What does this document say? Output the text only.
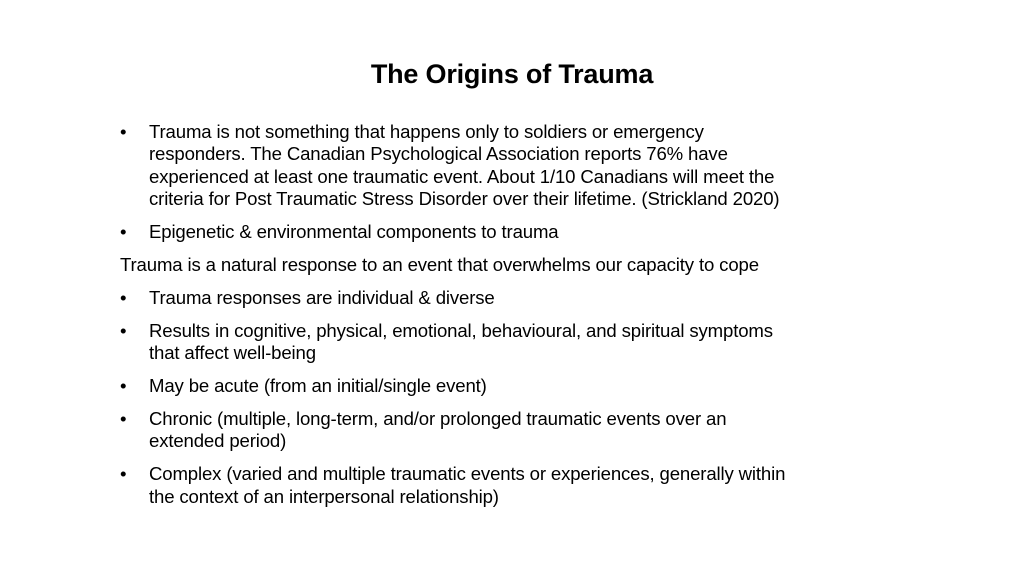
The Origins of Trauma
•	Trauma is not something that happens only to soldiers or emergency
responders. The Canadian Psychological Association reports 76% have
experienced at least one traumatic event. About 1/10 Canadians will meet the
criteria for Post Traumatic Stress Disorder over their lifetime. (Strickland 2020)
•	Epigenetic & environmental components to trauma
Trauma is a natural response to an event that overwhelms our capacity to cope
•	Trauma responses are individual & diverse
•	Results in cognitive, physical, emotional, behavioural, and spiritual symptoms
that affect well-being
•	May be acute (from an initial/single event)
•	Chronic (multiple, long-term, and/or prolonged traumatic events over an
extended period)
•	Complex (varied and multiple traumatic events or experiences, generally within
the context of an interpersonal relationship)
